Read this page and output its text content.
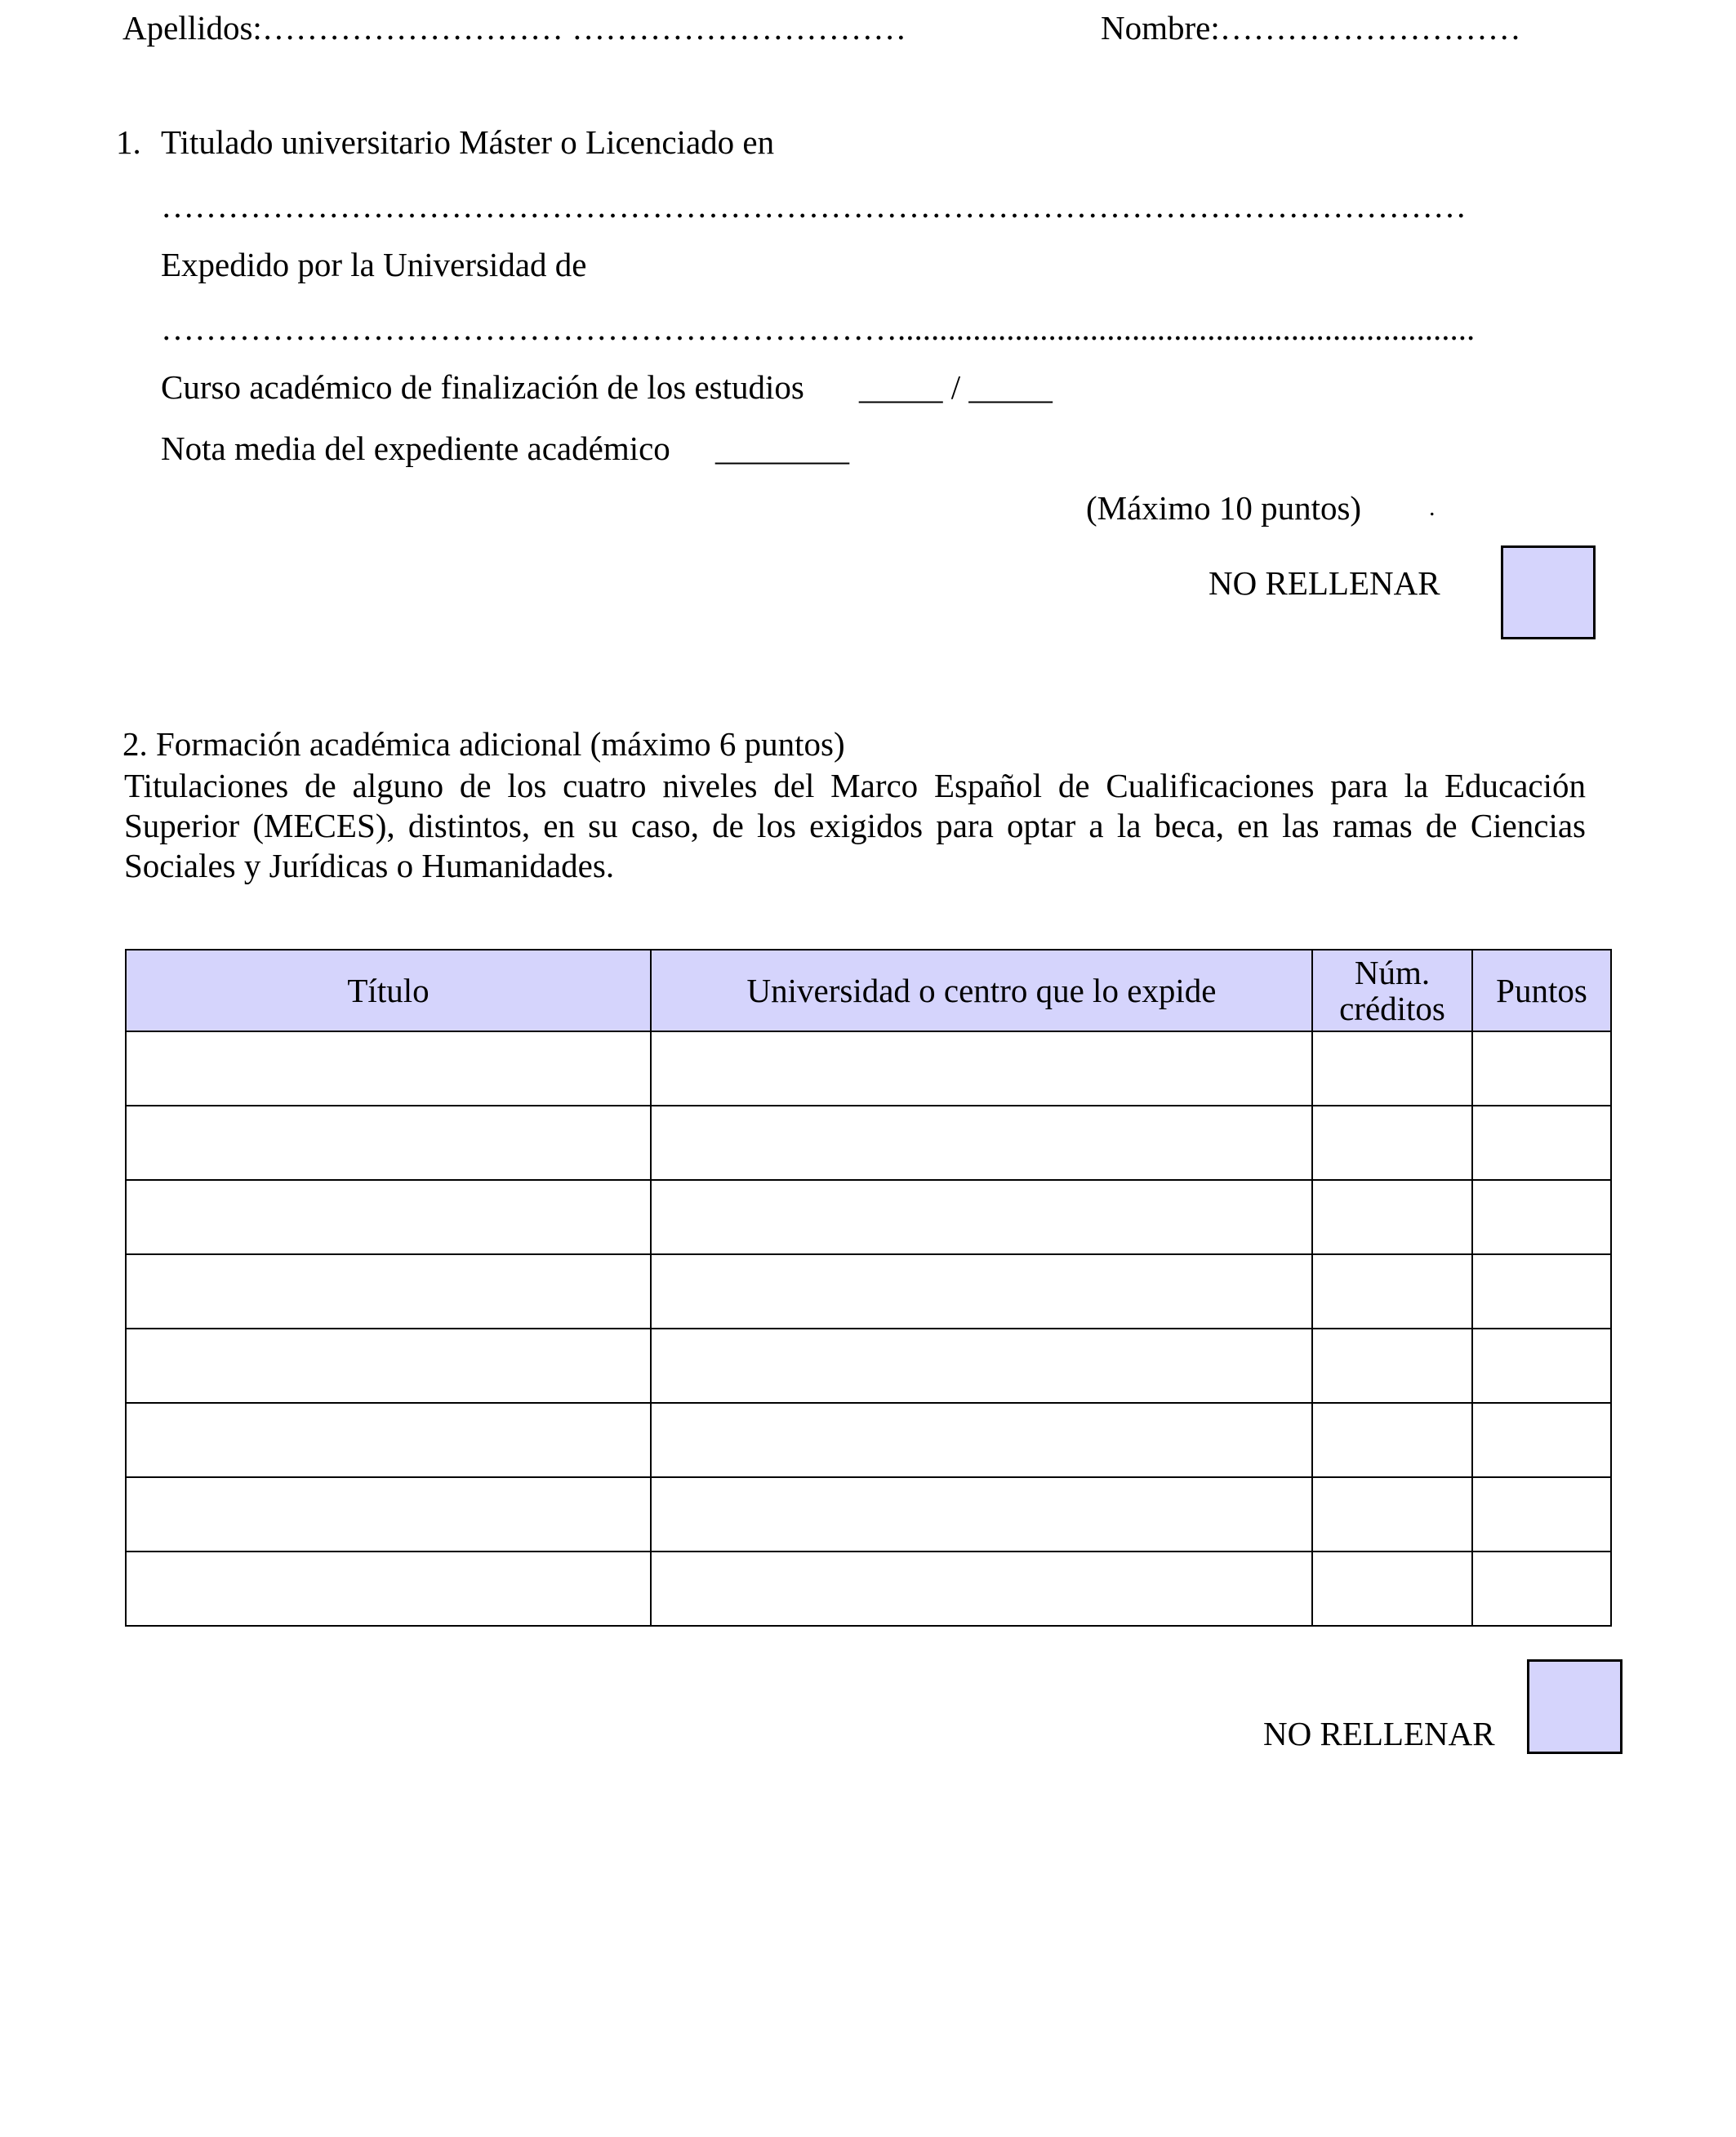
Apellidos:……………………… …………………………	Nombre:………………………
1. Titulado universitario Máster o Licenciado en
………………………………………………………………………………………………………
Expedido por la Universidad de
………………………………………………………….....................................................................
Curso académico de finalización de los estudios _____ / _____
Nota media del expediente académico ________
(Máximo 10 puntos)	.
NO RELLENAR
2. Formación académica adicional (máximo 6 puntos)
Titulaciones de alguno de los cuatro niveles del Marco Español de Cualificaciones para la Educación Superior (MECES), distintos, en su caso, de los exigidos para optar a la beca, en las ramas de Ciencias Sociales y Jurídicas o Humanidades.
Título	Universidad o centro que lo expide	Núm. créditos	Puntos

NO RELLENAR
